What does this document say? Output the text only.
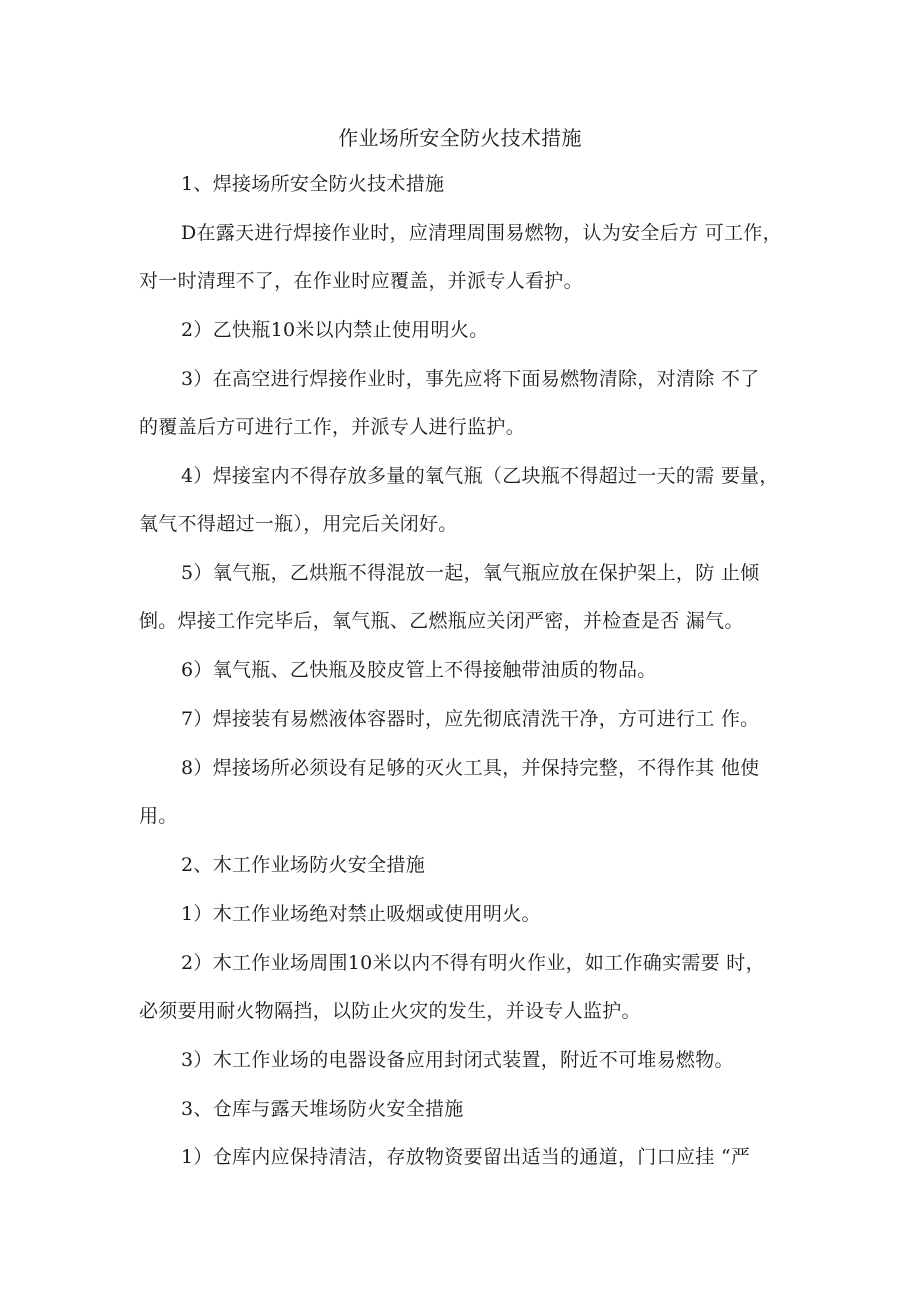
作业场所安全防火技术措施
1、焊接场所安全防火技术措施
D在露天进行焊接作业时，应清理周围易燃物，认为安全后方 可工作，
对一时清理不了，在作业时应覆盖，并派专人看护。
2）乙快瓶10米以内禁止使用明火。
3）在高空进行焊接作业时，事先应将下面易燃物清除，对清除 不了
的覆盖后方可进行工作，并派专人进行监护。
4）焊接室内不得存放多量的氧气瓶（乙块瓶不得超过一天的需 要量，
氧气不得超过一瓶），用完后关闭好。
5）氧气瓶，乙烘瓶不得混放一起，氧气瓶应放在保护架上，防 止倾
倒。焊接工作完毕后，氧气瓶、乙燃瓶应关闭严密，并检查是否 漏气。
6）氧气瓶、乙快瓶及胶皮管上不得接触带油质的物品。
7）焊接装有易燃液体容器时，应先彻底清洗干净，方可进行工 作。
8）焊接场所必须设有足够的灭火工具，并保持完整，不得作其 他使
用。
2、木工作业场防火安全措施
1）木工作业场绝对禁止吸烟或使用明火。
2）木工作业场周围10米以内不得有明火作业，如工作确实需要 时，
必须要用耐火物隔挡，以防止火灾的发生，并设专人监护。
3）木工作业场的电器设备应用封闭式装置，附近不可堆易燃物。
3、仓库与露天堆场防火安全措施
1）仓库内应保持清洁，存放物资要留出适当的通道，门口应挂 “严
